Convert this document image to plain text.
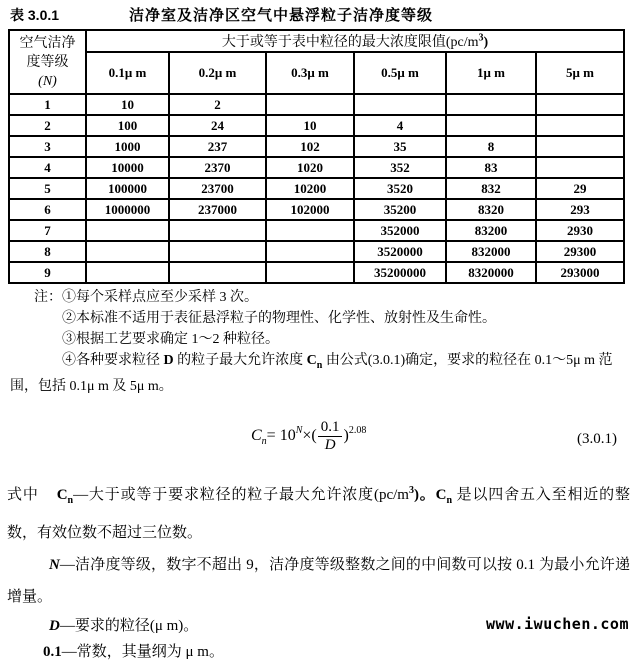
表 3.0.1	洁净室及洁净区空气中悬浮粒子洁净度等级
空气洁净
度等级
(N)	大于或等于表中粒径的最大浓度限值$(pc/m^3)$					
	0.1μ m	0.2μ m	0.3μ m	0.5μ m	1μ m	5μ m
1	10	2				
2	100	24	10	4		
3	1000	237	102	35	8	
4	10000	2370	1020	352	83	
5	100000	23700	10200	3520	832	29
6	1000000	237000	102000	35200	8320	293
7				352000	83200	2930
8				3520000	832000	29300
9				35200000	8320000	293000
注：①每个采样点应至少采样 3 次。
②本标准不适用于表征悬浮粒子的物理性、化学性、放射性及生命性。
③根据工艺要求确定 1～2 种粒径。
④各种要求粒径 D 的粒子最大允许浓度 $C_n$ 由公式(3.0.1)确定，要求的粒径在 0.1～5μ m 范围，包括 0.1μ m 及 5μ m。
$C_n = 10^N$ ×( $\frac{0.1}{D} )^{2.08}$
(3.0.1)

式中 $C_n—$大于或等于要求粒径的粒子最大允许浓度$(pc/m^3)$。$C_n$ 是以四舍五入至相近的整数，有效位数不超过三位数。

N—洁净度等级，数字不超出 9，洁净度等级整数之间的中间数可以按 0.1 为最小允许递增量。

D—要求的粒径(μ m)。

0.1—常数，其量纲为 μ m。

www.iwuchen.com
